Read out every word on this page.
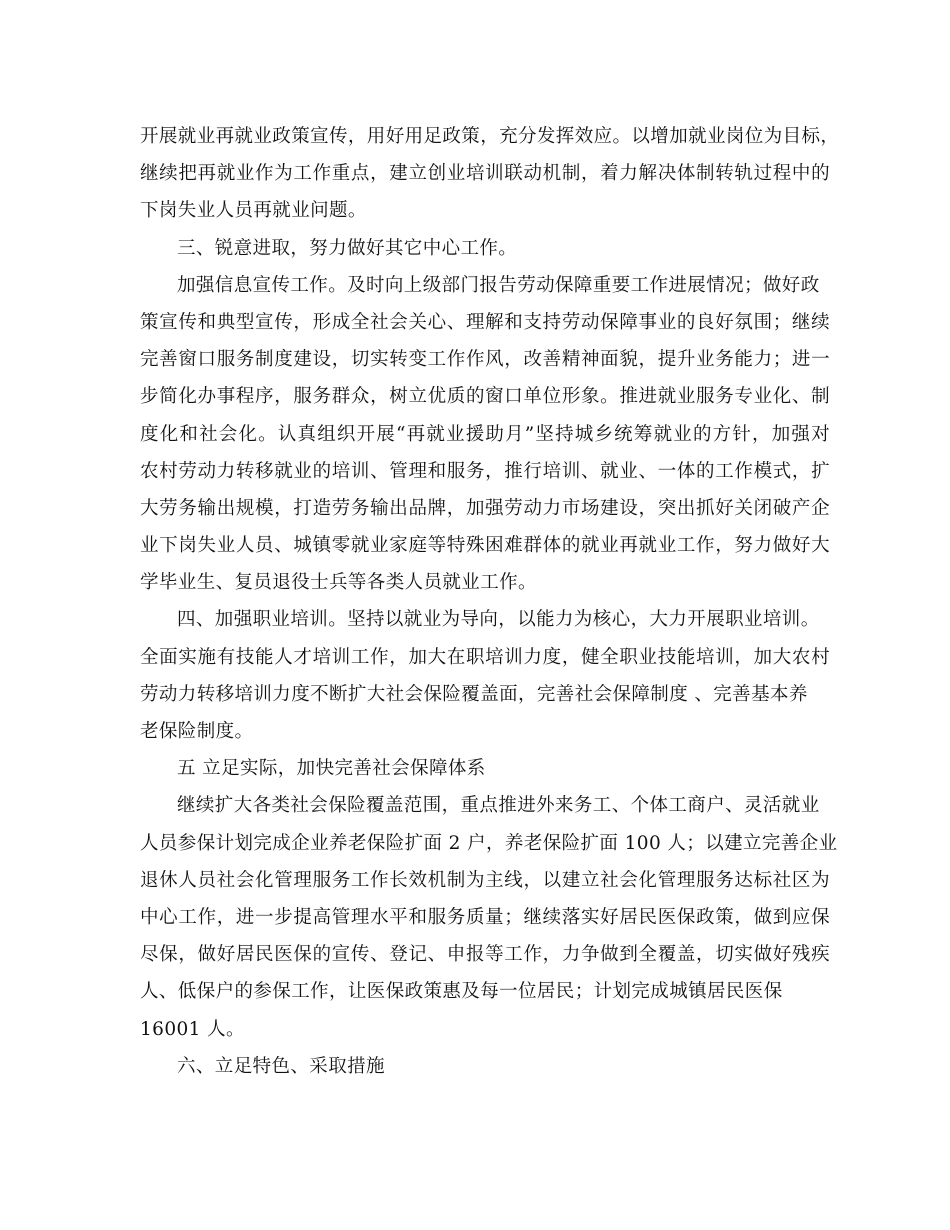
开展就业再就业政策宣传，用好用足政策，充分发挥效应。以增加就业岗位为目标，
继续把再就业作为工作重点，建立创业培训联动机制，着力解决体制转轨过程中的
下岗失业人员再就业问题。
三、锐意进取，努力做好其它中心工作。
加强信息宣传工作。及时向上级部门报告劳动保障重要工作进展情况；做好政
策宣传和典型宣传，形成全社会关心、理解和支持劳动保障事业的良好氛围；继续
完善窗口服务制度建设，切实转变工作作风，改善精神面貌，提升业务能力；进一
步简化办事程序，服务群众，树立优质的窗口单位形象。推进就业服务专业化、制
度化和社会化。认真组织开展“再就业援助月”坚持城乡统筹就业的方针，加强对
农村劳动力转移就业的培训、管理和服务，推行培训、就业、一体的工作模式，扩
大劳务输出规模，打造劳务输出品牌，加强劳动力市场建设，突出抓好关闭破产企
业下岗失业人员、城镇零就业家庭等特殊困难群体的就业再就业工作，努力做好大
学毕业生、复员退役士兵等各类人员就业工作。
四、加强职业培训。坚持以就业为导向，以能力为核心，大力开展职业培训。
全面实施有技能人才培训工作，加大在职培训力度，健全职业技能培训，加大农村
劳动力转移培训力度不断扩大社会保险覆盖面，完善社会保障制度 、完善基本养
老保险制度。
五 立足实际，加快完善社会保障体系
继续扩大各类社会保险覆盖范围，重点推进外来务工、个体工商户、灵活就业
人员参保计划完成企业养老保险扩面 2 户，养老保险扩面 100 人；以建立完善企业
退休人员社会化管理服务工作长效机制为主线，以建立社会化管理服务达标社区为
中心工作，进一步提高管理水平和服务质量；继续落实好居民医保政策，做到应保
尽保，做好居民医保的宣传、登记、申报等工作，力争做到全覆盖，切实做好残疾
人、低保户的参保工作，让医保政策惠及每一位居民；计划完成城镇居民医保
16001 人。
六、立足特色、采取措施
